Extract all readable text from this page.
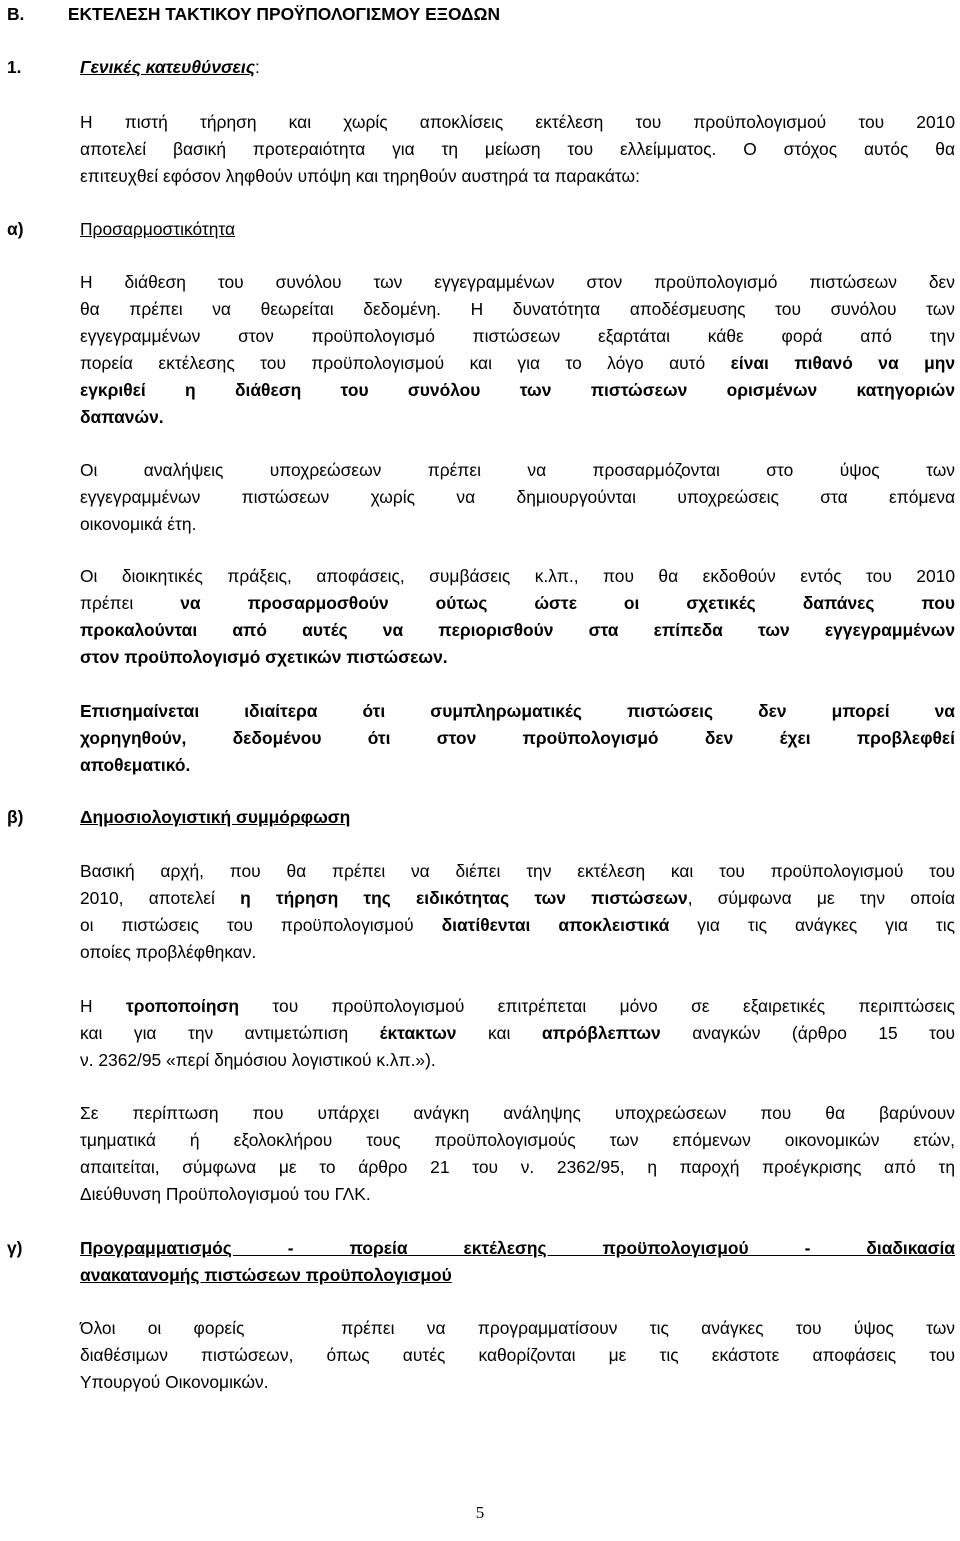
Β.         ΕΚΤΕΛΕΣΗ ΤΑΚΤΙΚΟΥ ΠΡΟΫΠΟΛΟΓΙΣΜΟΥ ΕΞΟΔΩΝ
1.	Γενικές κατευθύνσεις:
Η πιστή τήρηση και χωρίς αποκλίσεις εκτέλεση του προϋπολογισμού του 2010
αποτελεί βασική προτεραιότητα για τη μείωση του ελλείμματος. Ο στόχος αυτός θα
επιτευχθεί εφόσον ληφθούν υπόψη και τηρηθούν αυστηρά τα παρακάτω:
α)	Προσαρμοστικότητα
Η διάθεση του συνόλου των εγγεγραμμένων στον προϋπολογισμό πιστώσεων δεν
θα πρέπει να θεωρείται δεδομένη. Η δυνατότητα αποδέσμευσης του συνόλου των
εγγεγραμμένων στον προϋπολογισμό πιστώσεων εξαρτάται κάθε φορά από την
πορεία εκτέλεσης του προϋπολογισμού και για το λόγο αυτό είναι πιθανό να μην
εγκριθεί η διάθεση του συνόλου των πιστώσεων ορισμένων κατηγοριών
δαπανών.
Οι αναλήψεις υποχρεώσεων πρέπει να προσαρμόζονται στο ύψος των
εγγεγραμμένων πιστώσεων χωρίς να δημιουργούνται υποχρεώσεις στα επόμενα
οικονομικά έτη.
Οι διοικητικές πράξεις, αποφάσεις, συμβάσεις κ.λπ., που θα εκδοθούν εντός του 2010
πρέπει να προσαρμοσθούν ούτως ώστε οι σχετικές δαπάνες που
προκαλούνται από αυτές να περιορισθούν στα επίπεδα των εγγεγραμμένων
στον προϋπολογισμό σχετικών πιστώσεων.
Επισημαίνεται ιδιαίτερα ότι συμπληρωματικές πιστώσεις δεν μπορεί να
χορηγηθούν, δεδομένου ότι στον προϋπολογισμό δεν έχει προβλεφθεί
αποθεματικό.
β)	Δημοσιολογιστική συμμόρφωση
Βασική αρχή, που θα πρέπει να διέπει την εκτέλεση και του προϋπολογισμού του
2010, αποτελεί η τήρηση της ειδικότητας των πιστώσεων, σύμφωνα με την οποία
οι πιστώσεις του προϋπολογισμού διατίθενται αποκλειστικά για τις ανάγκες για τις
οποίες προβλέφθηκαν.
Η τροποποίηση του προϋπολογισμού επιτρέπεται μόνο σε εξαιρετικές περιπτώσεις
και για την αντιμετώπιση έκτακτων και απρόβλεπτων αναγκών (άρθρο 15 του
ν. 2362/95 «περί δημόσιου λογιστικού κ.λπ.»).
Σε περίπτωση που υπάρχει ανάγκη ανάληψης υποχρεώσεων που θα βαρύνουν
τμηματικά ή εξολοκλήρου τους προϋπολογισμούς των επόμενων οικονομικών ετών,
απαιτείται, σύμφωνα με το άρθρο 21 του ν. 2362/95, η παροχή προέγκρισης από τη
Διεύθυνση Προϋπολογισμού του ΓΛΚ.
γ)	Προγραμματισμός - πορεία εκτέλεσης προϋπολογισμού - διαδικασία
ανακατανομής πιστώσεων προϋπολογισμού
Όλοι οι φορείς   πρέπει να προγραμματίσουν τις ανάγκες του ύψος των
διαθέσιμων πιστώσεων, όπως αυτές καθορίζονται με τις εκάστοτε αποφάσεις του
Υπουργού Οικονομικών.
5
